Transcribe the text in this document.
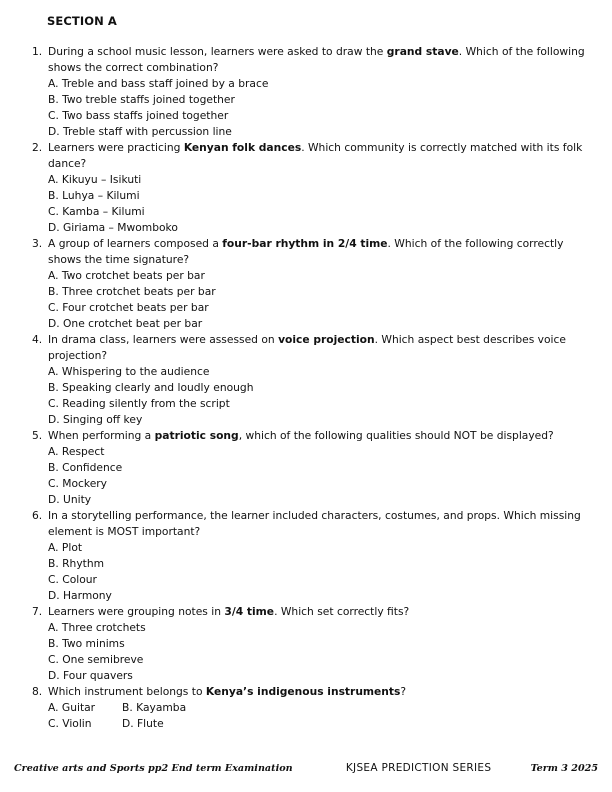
SECTION A
1. During a school music lesson, learners were asked to draw the grand stave. Which of the following shows the correct combination?
A. Treble and bass staff joined by a brace
B. Two treble staffs joined together
C. Two bass staffs joined together
D. Treble staff with percussion line
2. Learners were practicing Kenyan folk dances. Which community is correctly matched with its folk dance?
A. Kikuyu – Isikuti
B. Luhya – Kilumi
C. Kamba – Kilumi
D. Giriama – Mwomboko
3. A group of learners composed a four-bar rhythm in 2/4 time. Which of the following correctly shows the time signature?
A. Two crotchet beats per bar
B. Three crotchet beats per bar
C. Four crotchet beats per bar
D. One crotchet beat per bar
4. In drama class, learners were assessed on voice projection. Which aspect best describes voice projection?
A. Whispering to the audience
B. Speaking clearly and loudly enough
C. Reading silently from the script
D. Singing off key
5. When performing a patriotic song, which of the following qualities should NOT be displayed?
A. Respect
B. Confidence
C. Mockery
D. Unity
6. In a storytelling performance, the learner included characters, costumes, and props. Which missing element is MOST important?
A. Plot
B. Rhythm
C. Colour
D. Harmony
7. Learners were grouping notes in 3/4 time. Which set correctly fits?
A. Three crotchets
B. Two minims
C. One semibreve
D. Four quavers
8. Which instrument belongs to Kenya’s indigenous instruments?
A. Guitar	B. Kayamba
C. Violin	D. Flute
Creative arts and Sports pp2 End term Examination	KJSEA PREDICTION SERIES	Term 3 2025
